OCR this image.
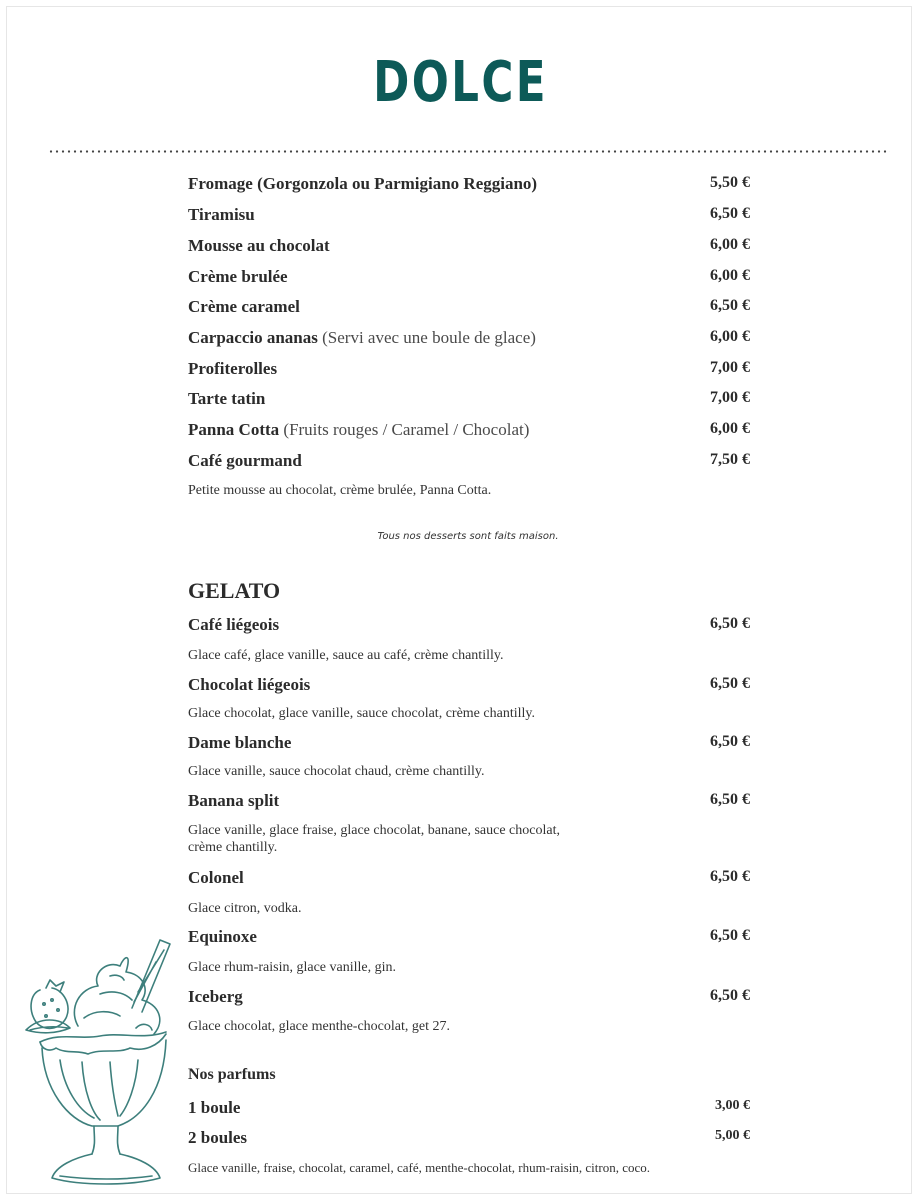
DOLCE
Fromage (Gorgonzola ou Parmigiano Reggiano)	5,50 €
Tiramisu	6,50 €
Mousse au chocolat	6,00 €
Crème brulée	6,00 €
Crème caramel	6,50 €
Carpaccio ananas (Servi avec une boule de glace)	6,00 €
Profiterolles	7,00 €
Tarte tatin	7,00 €
Panna Cotta (Fruits rouges / Caramel / Chocolat)	6,00 €
Café gourmand	7,50 €
Petite mousse au chocolat, crème brulée, Panna Cotta.
Tous nos desserts sont faits maison.
GELATO
Café liégeois	6,50 €
Glace café, glace vanille, sauce au café, crème chantilly.
Chocolat liégeois	6,50 €
Glace chocolat, glace vanille, sauce chocolat, crème chantilly.
Dame blanche	6,50 €
Glace vanille, sauce chocolat chaud, crème chantilly.
Banana split	6,50 €
Glace vanille, glace fraise, glace chocolat, banane, sauce chocolat, crème chantilly.
Colonel	6,50 €
Glace citron, vodka.
Equinoxe	6,50 €
Glace rhum-raisin, glace vanille, gin.
Iceberg	6,50 €
Glace chocolat, glace menthe-chocolat, get 27.
Nos parfums
1 boule	3,00 €
2 boules	5,00 €
Glace vanille, fraise, chocolat, caramel, café, menthe-chocolat, rhum-raisin, citron, coco.
